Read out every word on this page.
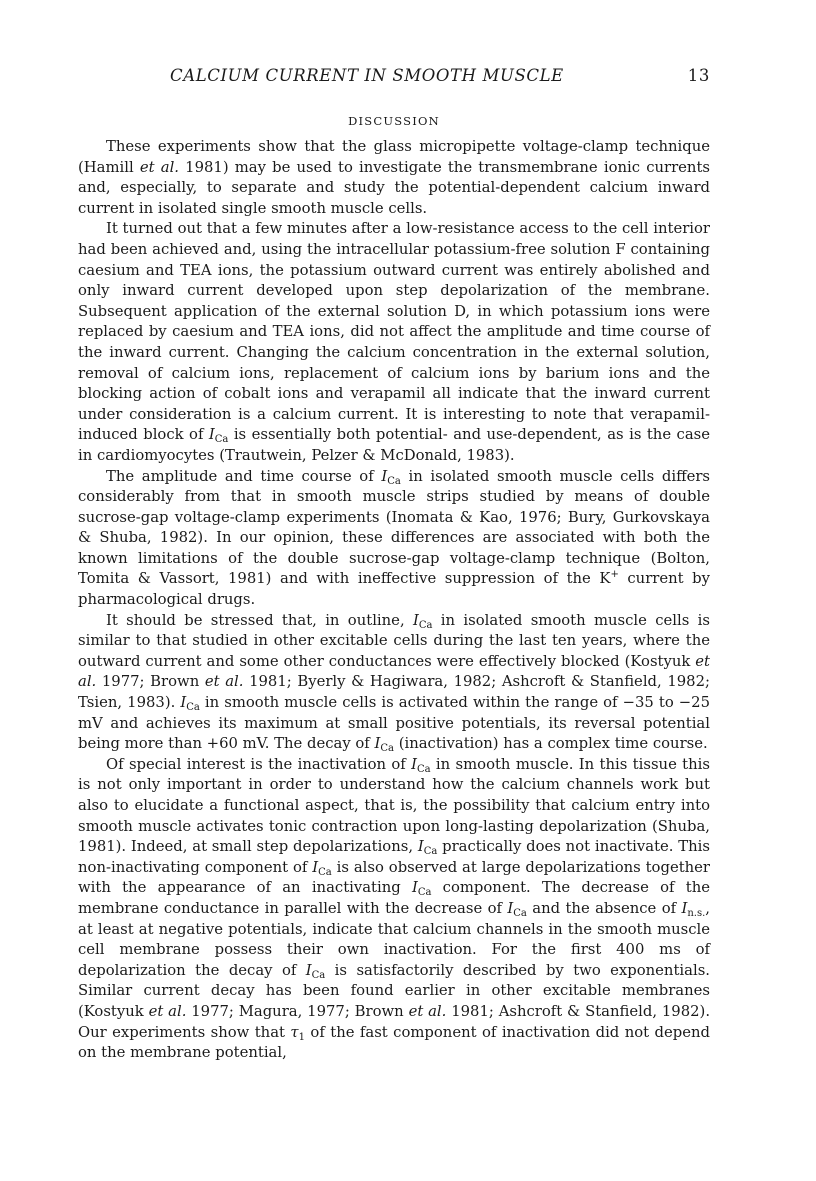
CALCIUM CURRENT IN SMOOTH MUSCLE	13
DISCUSSION

These experiments show that the glass micropipette voltage-clamp technique (Hamill et al. 1981) may be used to investigate the transmembrane ionic currents and, especially, to separate and study the potential-dependent calcium inward current in isolated single smooth muscle cells.

It turned out that a few minutes after a low-resistance access to the cell interior had been achieved and, using the intracellular potassium-free solution F containing caesium and TEA ions, the potassium outward current was entirely abolished and only inward current developed upon step depolarization of the membrane. Subsequent application of the external solution D, in which potassium ions were replaced by caesium and TEA ions, did not affect the amplitude and time course of the inward current. Changing the calcium concentration in the external solution, removal of calcium ions, replacement of calcium ions by barium ions and the blocking action of cobalt ions and verapamil all indicate that the inward current under consideration is a calcium current. It is interesting to note that verapamil-induced block of $I_{Ca}$ is essentially both potential- and use-dependent, as is the case in cardiomyocytes (Trautwein, Pelzer & McDonald, 1983).

The amplitude and time course of $I_{Ca}$ in isolated smooth muscle cells differs considerably from that in smooth muscle strips studied by means of double sucrose-gap voltage-clamp experiments (Inomata & Kao, 1976; Bury, Gurkovskaya & Shuba, 1982). In our opinion, these differences are associated with both the known limitations of the double sucrose-gap voltage-clamp technique (Bolton, Tomita & Vassort, 1981) and with ineffective suppression of the K+ current by pharmacological drugs.

It should be stressed that, in outline, $I_{Ca}$ in isolated smooth muscle cells is similar to that studied in other excitable cells during the last ten years, where the outward current and some other conductances were effectively blocked (Kostyuk et al. 1977; Brown et al. 1981; Byerly & Hagiwara, 1982; Ashcroft & Stanfield, 1982; Tsien, 1983). $I_{Ca}$ in smooth muscle cells is activated within the range of −35 to −25 mV and achieves its maximum at small positive potentials, its reversal potential being more than +60 mV. The decay of $I_{Ca}$ (inactivation) has a complex time course.

Of special interest is the inactivation of $I_{Ca}$ in smooth muscle. In this tissue this is not only important in order to understand how the calcium channels work but also to elucidate a functional aspect, that is, the possibility that calcium entry into smooth muscle activates tonic contraction upon long-lasting depolarization (Shuba, 1981). Indeed, at small step depolarizations, $I_{Ca}$ practically does not inactivate. This non-inactivating component of $I_{Ca}$ is also observed at large depolarizations together with the appearance of an inactivating $I_{Ca}$ component. The decrease of the membrane conductance in parallel with the decrease of $I_{Ca}$ and the absence of $I_{n.s.}$, at least at negative potentials, indicate that calcium channels in the smooth muscle cell membrane possess their own inactivation. For the first 400 ms of depolarization the decay of $I_{Ca}$ is satisfactorily described by two exponentials. Similar current decay has been found earlier in other excitable membranes (Kostyuk et al. 1977; Magura, 1977; Brown et al. 1981; Ashcroft & Stanfield, 1982). Our experiments show that $\tau_1$ of the fast component of inactivation did not depend on the membrane potential,
